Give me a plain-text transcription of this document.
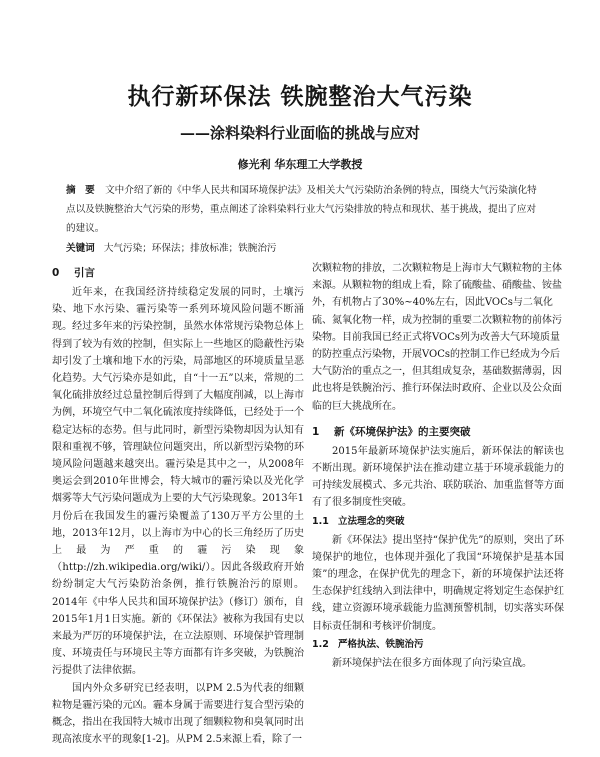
执行新环保法 铁腕整治大气污染
——涂料染料行业面临的挑战与应对
修光利 华东理工大学教授
摘　要 文中介绍了新的《中华人民共和国环境保护法》及相关大气污染防治条例的特点，围绕大气污染演化特点以及铁腕整治大气污染的形势，重点阐述了涂料染料行业大气污染排放的特点和现状、基于挑战，提出了应对的建议。
关键词 大气污染；环保法；排放标准；铁腕治污
0 引言

近年来，在我国经济持续稳定发展的同时，土壤污染、地下水污染、霾污染等一系列环境风险问题不断涌现。经过多年来的污染控制，虽然水体常规污染物总体上得到了较为有效的控制，但实际上一些地区的隐蔽性污染却引发了土壤和地下水的污染，局部地区的环境质量呈恶化趋势。大气污染亦是如此，自“十一五”以来，常规的二氧化硫排放经过总量控制后得到了大幅度削减，以上海市为例，环境空气中二氧化硫浓度持续降低，已经处于一个稳定达标的态势。但与此同时，新型污染物却因为认知有限和重视不够，管理缺位问题突出，所以新型污染物的环境风险问题越来越突出。霾污染是其中之一，从2008年奥运会到2010年世博会，特大城市的霾污染以及光化学烟雾等大气污染问题成为上要的大气污染现象。2013年1月份后在我国发生的霾污染覆盖了130万平方公里的土地，2013年12月，以上海市为中心的长三角经历了历史上最为严重的霾污染现象（http://zh.wikipedia.org/wiki/）。因此各级政府开始纷纷制定大气污染防治条例，推行铁腕治污的原则。2014年《中华人民共和国环境保护法》（修订）颁布，自2015年1月1日实施。新的《环保法》被称为我国有史以来最为严厉的环境保护法，在立法原则、环境保护管理制度、环境责任与环境民主等方面都有许多突破，为铁腕治污提供了法律依据。

国内外众多研究已经表明，以PM 2.5为代表的细颗粒物是霾污染的元凶。霾本身属于需要进行复合型污染的概念，指出在我国特大城市出现了细颗粒物和臭氧同时出现高浓度水平的现象[1-2]。从PM 2.5来源上看，除了一

次颗粒物的排放，二次颗粒物是上海市大气颗粒物的主体来源。从颗粒物的组成上看，除了硫酸盐、硝酸盐、铵盐外，有机物占了30%~40%左右，因此VOCs与二氧化硫、氮氧化物一样，成为控制的重要二次颗粒物的前体污染物。目前我国已经正式将VOCs列为改善大气环境质量的防控重点污染物，开展VOCs的控制工作已经成为今后大气防治的重点之一，但其组成复杂，基础数据薄弱，因此也将是铁腕治污、推行环保法时政府、企业以及公众面临的巨大挑战所在。
1 新《环境保护法》的主要突破

2015年最新环境保护法实施后，新环保法的解读也不断出现。新环境保护法在推动建立基于环境承载能力的可持续发展模式、多元共治、联防联治、加重监督等方面有了很多制度性突破。

1.1 立法理念的突破

新《环保法》提出坚持“保护优先”的原则，突出了环境保护的地位，也体现并强化了我国“环境保护是基本国策”的理念，在保护优先的理念下，新的环境保护法还将生态保护红线纳入到法律中，明确规定将划定生态保护红线，建立资源环境承载能力监测预警机制，切实落实环保目标责任制和考核评价制度。

1.2 严格执法、铁腕治污

新环境保护法在很多方面体现了向污染宣战。
